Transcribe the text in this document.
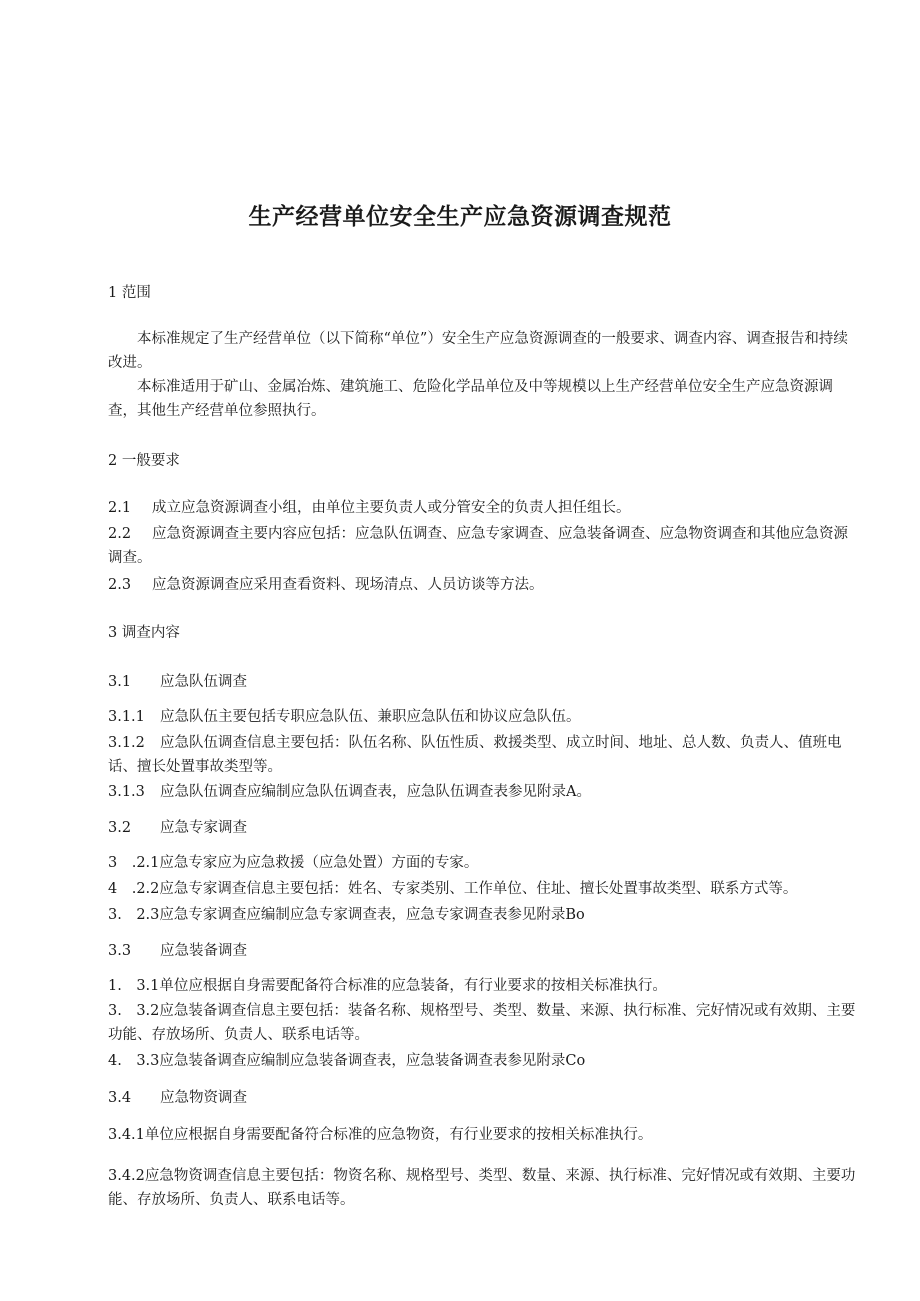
生产经营单位安全生产应急资源调查规范

1 范围

本标准规定了生产经营单位（以下简称“单位”）安全生产应急资源调查的一般要求、调查内容、调查报告和持续改进。

本标准适用于矿山、金属冶炼、建筑施工、危险化学品单位及中等规模以上生产经营单位安全生产应急资源调查，其他生产经营单位参照执行。

2 一般要求

2.1 成立应急资源调查小组，由单位主要负责人或分管安全的负责人担任组长。

2.2 应急资源调查主要内容应包括：应急队伍调查、应急专家调查、应急装备调查、应急物资调查和其他应急资源调查。

2.3 应急资源调查应采用查看资料、现场清点、人员访谈等方法。

3 调查内容

3.1　　应急队伍调查

3.1.1 应急队伍主要包括专职应急队伍、兼职应急队伍和协议应急队伍。

3.1.2 应急队伍调查信息主要包括：队伍名称、队伍性质、救援类型、成立时间、地址、总人数、负责人、值班电话、擅长处置事故类型等。

3.1.3 应急队伍调查应编制应急队伍调查表，应急队伍调查表参见附录A。

3.2　　应急专家调查

3　.2.1应急专家应为应急救援（应急处置）方面的专家。

4　.2.2应急专家调查信息主要包括：姓名、专家类别、工作单位、住址、擅长处置事故类型、联系方式等。

3.　2.3应急专家调查应编制应急专家调查表，应急专家调查表参见附录Bo

3.3　　应急装备调查

1.　3.1单位应根据自身需要配备符合标准的应急装备，有行业要求的按相关标准执行。

3.　3.2应急装备调查信息主要包括：装备名称、规格型号、类型、数量、来源、执行标准、完好情况或有效期、主要功能、存放场所、负责人、联系电话等。

4.　3.3应急装备调查应编制应急装备调查表，应急装备调查表参见附录Co

3.4　　应急物资调查

3.4.1单位应根据自身需要配备符合标准的应急物资，有行业要求的按相关标准执行。

3.4.2应急物资调查信息主要包括：物资名称、规格型号、类型、数量、来源、执行标准、完好情况或有效期、主要功能、存放场所、负责人、联系电话等。
